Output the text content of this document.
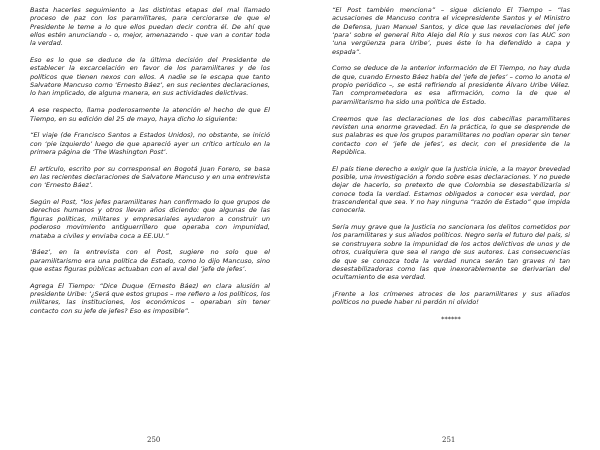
Basta hacerles seguimiento a las distintas etapas del mal llamado proceso de paz con los paramilitares, para cerciorarse de que el Presidente le teme a lo que ellos puedan decir contra él. De ahí que ellos estén anunciando - o, mejor, amenazando - que van a contar toda la verdad.

Eso es lo que se deduce de la última decisión del Presidente de establecer la excarcelación en favor de los paramilitares y de los políticos que tienen nexos con ellos. A nadie se le escapa que tanto Salvatore Mancuso como ‘Ernesto Báez’, en sus recientes declaraciones, lo han implicado, de alguna manera, en sus actividades delictivas.

A ese respecto, llama poderosamente la atención el hecho de que El Tiempo, en su edición del 25 de mayo, haya dicho lo siguiente:

“El viaje (de Francisco Santos a Estados Unidos), no obstante, se inició con ‘pie izquierdo’ luego de que apareció ayer un crítico artículo en la primera página de ‘The Washington Post’.

El artículo, escrito por su corresponsal en Bogotá Juan Forero, se basa en las recientes declaraciones de Salvatore Mancuso y en una entrevista con ‘Ernesto Báez’.

Según el Post, “los jefes paramilitares han confirmado lo que grupos de derechos humanos y otros llevan años diciendo: que algunas de las figuras políticas, militares y empresariales ayudaron a construir un poderoso movimiento antiguerrillero que operaba con impunidad, mataba a civiles y enviaba coca a EE.UU.”

‘Báez’, en la entrevista con el Post, sugiere no solo que el paramilitarismo era una política de Estado, como lo dijo Mancuso, sino que estas figuras públicas actuaban con el aval del ‘jefe de jefes’.

Agrega El Tiempo: “Dice Duque (Ernesto Báez) en clara alusión al presidente Uribe: ‘¿Será que estos grupos – me refiero a los políticos, los militares, las instituciones, los económicos – operaban sin tener contacto con su jefe de jefes? Eso es imposible”.

250

“El Post también menciona” – sigue diciendo El Tiempo – “las acusaciones de Mancuso contra el vicepresidente Santos y el Ministro de Defensa, Juan Manuel Santos, y dice que las revelaciones del jefe ‘para’ sobre el general Rito Alejo del Río y sus nexos con las AUC son ‘una vergüenza para Uribe’, pues éste lo ha defendido a capa y espada”.

Como se deduce de la anterior información de El Tiempo, no hay duda de que, cuando Ernesto Báez habla del ‘jefe de Jefes’ – como lo anota el propio periódico –, se está refiriendo al presidente Álvaro Uribe Vélez. Tan comprometedora es esa afirmación, como la de que el paramilitarismo ha sido una política de Estado.

Creemos que las declaraciones de los dos cabecillas paramilitares revisten una enorme gravedad. En la práctica, lo que se desprende de sus palabras es que los grupos paramilitares no podían operar sin tener contacto con el ‘jefe de jefes’, es decir, con el presidente de la República.

El país tiene derecho a exigir que la Justicia inicie, a la mayor brevedad posible, una investigación a fondo sobre esas declaraciones. Y no puede dejar de hacerlo, so pretexto de que Colombia se desestabilizaría si conoce toda la verdad. Estamos obligados a conocer esa verdad, por trascendental que sea. Y no hay ninguna “razón de Estado” que impida conocerla.

Sería muy grave que la Justicia no sancionara los delitos cometidos por los paramilitares y sus aliados políticos. Negro sería el futuro del país, si se construyera sobre la impunidad de los actos delictivos de unos y de otros, cualquiera que sea el rango de sus autores. Las consecuencias de que se conozca toda la verdad nunca serán tan graves ni tan desestabilizadoras como las que inexorablemente se derivarían del ocultamiento de esa verdad.

¡Frente a los crímenes atroces de los paramilitares y sus aliados políticos no puede haber ni perdón ni olvido!

******

251
